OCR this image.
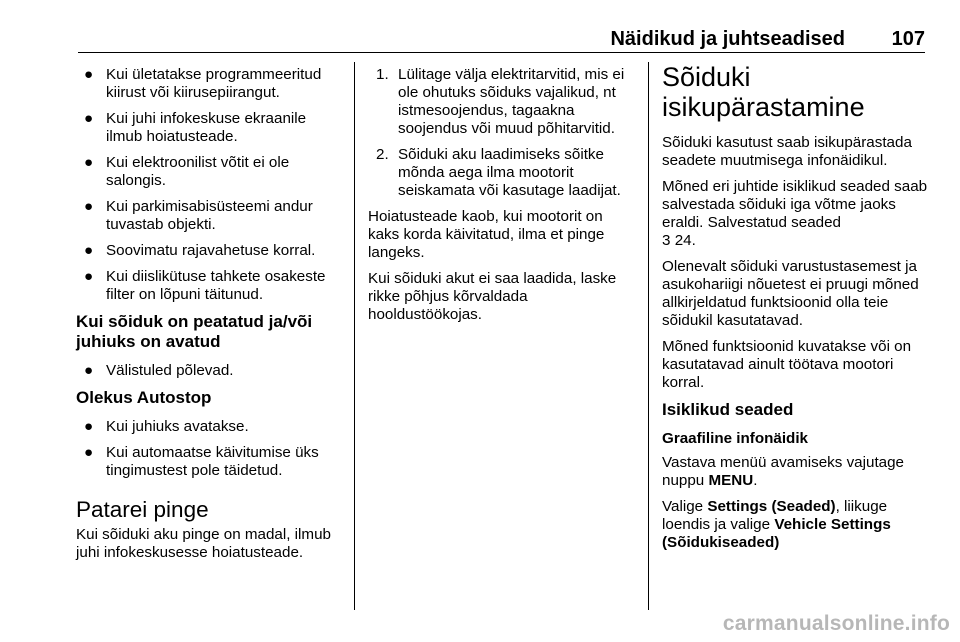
Näidikud ja juhtseadised 107
● Kui ületatakse programmeeritud kiirust või kiirusepiirangut.
● Kui juhi infokeskuse ekraanile ilmub hoiatusteade.
● Kui elektroonilist võtit ei ole salongis.
● Kui parkimisabisüsteemi andur tuvastab objekti.
● Soovimatu rajavahetuse korral.
● Kui diislikütuse tahkete osakeste filter on lõpuni täitunud.
Kui sõiduk on peatatud ja/või juhiuks on avatud
● Välistuled põlevad.
Olekus Autostop
● Kui juhiuks avatakse.
● Kui automaatse käivitumise üks tingimustest pole täidetud.
Patarei pinge

Kui sõiduki aku pinge on madal, ilmub juhi infokeskusesse hoiatusteade.

1. Lülitage välja elektritarvitid, mis ei ole ohutuks sõiduks vajalikud, nt istmesoojendus, tagaakna soojendus või muud põhitarvitid.
2. Sõiduki aku laadimiseks sõitke mõnda aega ilma mootorit seiskamata või kasutage laadijat.

Hoiatusteade kaob, kui mootorit on kaks korda käivitatud, ilma et pinge langeks.

Kui sõiduki akut ei saa laadida, laske rikke põhjus kõrvaldada hooldustöökojas.

Sõiduki isikupärastamine

Sõiduki kasutust saab isikupärastada seadete muutmisega infonäidikul.

Mõned eri juhtide isiklikud seaded saab salvestada sõiduki iga võtme jaoks eraldi. Salvestatud seaded
3 24.

Olenevalt sõiduki varustustasemest ja asukohariigi nõuetest ei pruugi mõned allkirjeldatud funktsioonid olla teie sõidukil kasutatavad.

Mõned funktsioonid kuvatakse või on kasutatavad ainult töötava mootori korral.

Isiklikud seaded
Graafiline infonäidik

Vastava menüü avamiseks vajutage nuppu MENU.

Valige Settings (Seaded), liikuge loendis ja valige Vehicle Settings (Sõidukiseaded)

carmanualsonline.info
